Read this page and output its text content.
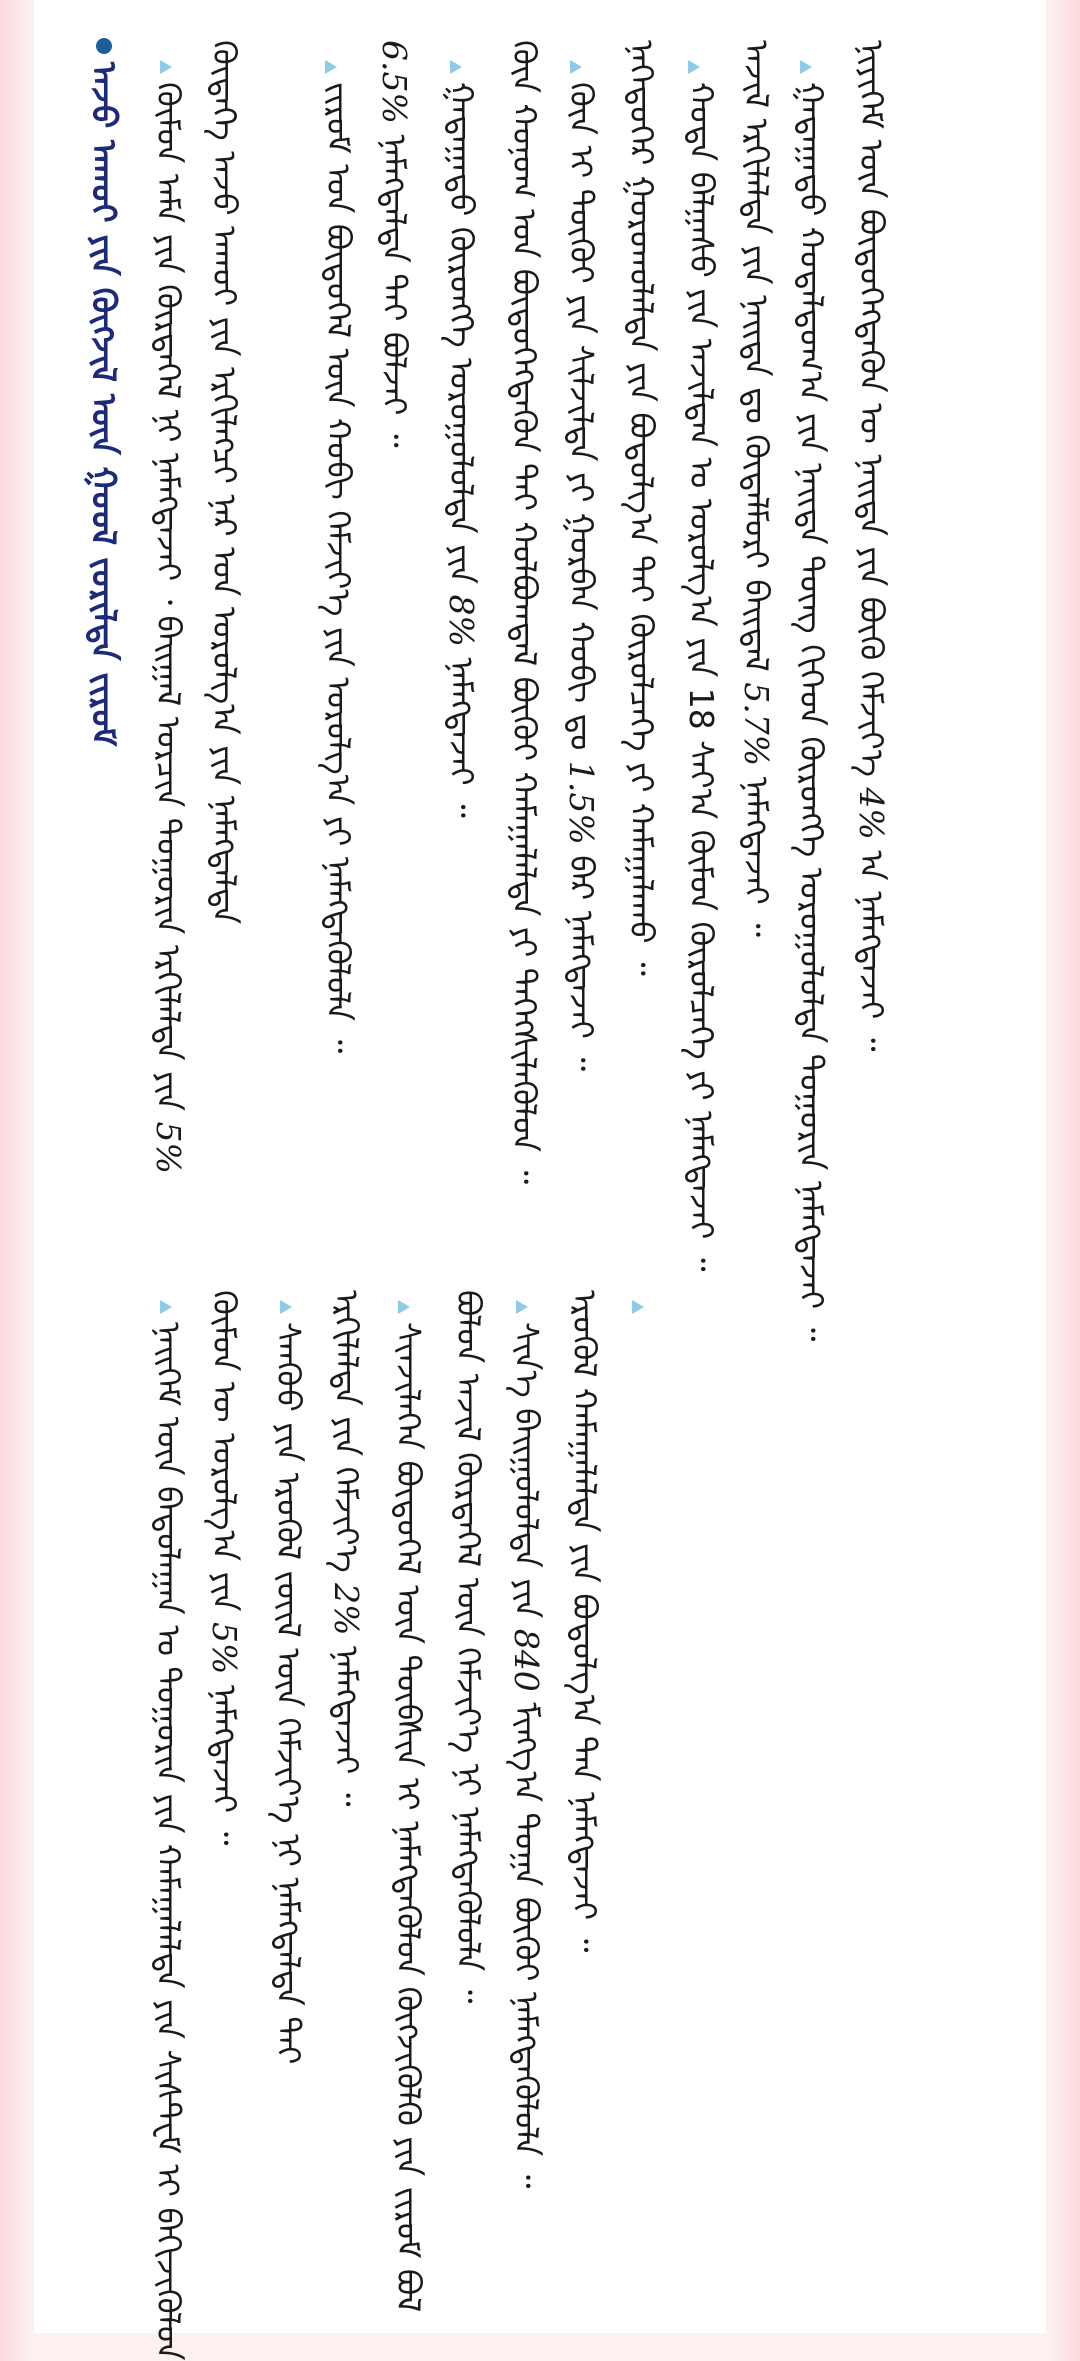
ᠠᠵᠤ ᠠᠬᠤᠢ ᠶᠢᠨ ᠬᠥᠭᠵᠢᠯ ᠦᠨ ᠭᠣᠣᠯ ᠵᠣᠷᠢᠯᠲᠠ ᠵᠢᠷᠤᠮ ᠬᠦᠮᠦᠨ ᠠᠮᠠ ᠶᠢᠨ ᠬᠦᠷᠲᠡᠭᠡᠯ ᠨᠢ ᠨᠡᠮᠡᠭᠳᠡᠵᠡᠢ ᠂ ᠪᠠᠢᠭᠠᠯ ᠣᠷᠴᠢᠨ ᠲᠣᠭᠣᠷᠢᠨ ᠡᠷᠬᠢᠯᠡᠯᠲᠡ ᠶᠢᠨ 5%
ᠬᠥᠳᠡᠭᠡ ᠠᠵᠤ ᠠᠬᠤᠢ ᠶᠢᠨ ᠡᠷᠬᠢᠯᠡᠭᠴᠢ ᠨᠠᠷ ᠤᠨ ᠣᠷᠣᠯᠭ᠎ᠠ ᠶᠢᠨ ᠨᠡᠮᠡᠭᠳᠡᠯᠲᠡ ᠵᠢᠷᠤᠮ ᠤᠨ ᠪᠦᠲᠦᠭᠡᠯ ᠦᠨ ᠬᠤᠪᠢ ᠬᠡᠮᠵᠢᠶ᠎ᠡ ᠶᠢᠨ ᠣᠷᠣᠯᠭ᠎ᠠ ᠶᠢ ᠨᠡᠮᠡᠭᠳᠡᠭᠦᠯᠦᠯᠡ ᠃
6.5% ᠨᠡᠮᠡᠭᠳᠡᠯᠲᠡ ᠲᠠᠢ ᠪᠣᠯᠵᠠᠢ ᠃ ᠭᠠᠳᠠᠭᠠᠳᠤ ᠬᠥᠷᠥᠩᠭᠡ ᠣᠷᠤᠭᠤᠯᠤᠯᠲᠠ ᠶᠢᠨ 8% ᠨᠡᠮᠡᠭᠳᠡᠵᠡᠢ ᠃ ᠬᠦᠨ ᠬᠣᠨᠣᠭ ᠤᠨ ᠪᠦᠲᠦᠭᠡᠭᠳᠡᠬᠦᠨ ᠲᠠᠢ ᠬᠣᠯᠪᠣᠭᠳᠠᠯ ᠪᠦᠬᠦᠢ ᠬᠠᠮᠠᠭᠠᠯᠠᠯᠲᠠ ᠶᠢ ᠳᠡᠭᠡᠭᠰᠢᠯᠡᠭᠦᠯᠦᠨ ᠃ ᠬᠦᠨ ᠢ ᠳᠦᠭᠦᠢ ᠶᠢᠨ ᠰᠢᠯᠵᠢᠯᠲᠡ ᠶᠢ ᠭᠤᠷᠪᠠᠨ ᠬᠤᠪᠢ ᠳᠤ 1.5% ᠪᠠᠷ ᠨᠡᠮᠡᠭᠳᠡᠵᠡᠢ ᠃ ᠨᠡᠭᠡᠳᠦᠭᠡᠷ ᠭᠣᠷᠤᠬᠤᠯᠠᠯᠲᠠ ᠶᠢᠨ ᠪᠣᠳᠣᠯᠭ᠎ᠠ ᠲᠠᠢ ᠬᠦᠷᠦᠯᠴᠡᠭᠡ ᠶᠢ ᠬᠠᠮᠠᠭᠠᠯᠠᠬᠤ ᠃ ᠬᠣᠲᠠ ᠪᠠᠯᠭᠠᠰᠤ ᠶᠢᠨ ᠠᠵᠢᠯᠲᠠᠨ ᠤ ᠣᠷᠣᠯᠭ᠎ᠠ ᠶᠢᠨ 18 ᠰᠠᠶ᠎ᠠ ᠬᠦᠮᠦᠨ ᠬᠦᠷᠦᠯᠴᠡᠭᠡ ᠶᠢ ᠨᠡᠮᠡᠭᠳᠡᠵᠡᠢ ᠃ ᠠᠵᠢᠯ ᠡᠷᠬᠢᠯᠡᠯᠲᠡ ᠶᠢᠨ ᠨᠡᠢᠲᠡ ᠳᠤ ᠬᠥᠳᠡᠯᠮᠦᠷᠢ ᠪᠠᠢᠳᠠᠯ 5.7% ᠨᠡᠮᠡᠭᠳᠡᠵᠡᠢ ᠃ ᠭᠠᠳᠠᠭᠠᠳᠤ ᠬᠤᠳᠠᠯᠳᠤᠭ᠎ᠠ ᠶᠢᠨ ᠨᠡᠢᠲᠡ ᠳᠦᠩ ᠬᠢᠭᠡᠳ ᠬᠥᠷᠥᠩᠭᠡ ᠣᠷᠤᠭᠤᠯᠤᠯᠲᠠ ᠲᠤᠭᠤᠷᠢᠨ ᠨᠡᠮᠡᠭᠳᠡᠵᠡᠢ ᠃ ᠨᠢᠶᠢᠭᠡᠮ ᠦᠨ ᠪᠦᠲᠦᠭᠡᠭᠳᠡᠬᠦᠨ ᠦ ᠨᠡᠢᠲᠡ ᠶᠢᠨ ᠪᠥᠬᠥ ᠬᠡᠮᠵᠢᠶ᠎ᠡ 4% ᠡᠨ ᠨᠡᠮᠡᠭᠳᠡᠵᠡᠢ ᠃
ᠨᠡᠢᠭᠡᠮ ᠦᠨ ᠪᠠᠲᠤᠯᠠᠭᠠᠨ ᠤ ᠲᠣᠭᠣᠷᠢᠨ ᠶᠢᠨ ᠬᠠᠮᠠᠭᠠᠯᠠᠯᠲᠠ ᠶᠢᠨ ᠰᠢᠰᠲ᠋ᠧᠮ ᠢ ᠪᠡᠬᠢᠵᠢᠭᠦᠯᠦᠨ ᠬᠦᠮᠦᠨ ᠦ ᠣᠷᠣᠯᠭ᠎ᠠ ᠶᠢᠨ 5% ᠨᠡᠮᠡᠭᠳᠡᠵᠡᠢ ᠃ ᠰᠠᠨᠬᠦᠦ ᠶᠢᠨ ᠡᠷᠦᠬᠦᠯ ᠵᠦᠢᠯ ᠦᠨ ᠬᠡᠮᠵᠢᠶ᠎ᠡ ᠨᠢ ᠨᠡᠮᠡᠭᠳᠡᠯᠲᠡ ᠲᠠᠢ ᠡᠷᠬᠢᠯᠡᠯᠲᠡ ᠶᠢᠨ ᠬᠡᠮᠵᠢᠶ᠎ᠡ 2% ᠨᠡᠮᠡᠭᠳᠡᠵᠡᠢ ᠃ ᠰᠢᠨᠵᠢᠯᠡᠭᠡᠨ ᠪᠦᠲᠦᠭᠡᠯ ᠦᠨ ᠲᠦᠪᠰᠢᠨ ᠢ ᠨᠡᠮᠡᠭᠳᠡᠭᠦᠯᠦᠨ ᠬᠥᠭᠵᠢᠭᠦᠯᠬᠦ ᠶᠢᠨ ᠵᠢᠷᠤᠮ ᠪᠣᠯ ᠪᠣᠯᠣᠨ ᠠᠵᠢᠯ ᠬᠦᠷᠲᠡᠭᠡᠯ ᠦᠨ ᠬᠡᠮᠵᠢᠶ᠎ᠡ ᠨᠢ ᠨᠡᠮᠡᠭᠳᠡᠭᠦᠯᠦᠯᠡ ᠃ ᠰᠢᠨ᠎ᠡ ᠪᠠᠢᠭᠤᠯᠤᠯᠲᠠ ᠶᠢᠨ 840 ᠮᠢᠩᠭ᠎ᠠ ᠲᠣᠭᠠ ᠪᠦᠬᠦᠢ ᠨᠡᠮᠡᠭᠳᠡᠭᠦᠯᠦᠯᠡ ᠃ ᠡᠷᠦᠬᠦᠯ ᠬᠠᠮᠠᠭᠠᠯᠠᠯᠲᠠ ᠶᠢᠨ ᠪᠣᠳᠣᠯᠭ᠎ᠠ ᠲᠡᠨ ᠨᠡᠮᠡᠭᠳᠡᠵᠡᠢ ᠃
